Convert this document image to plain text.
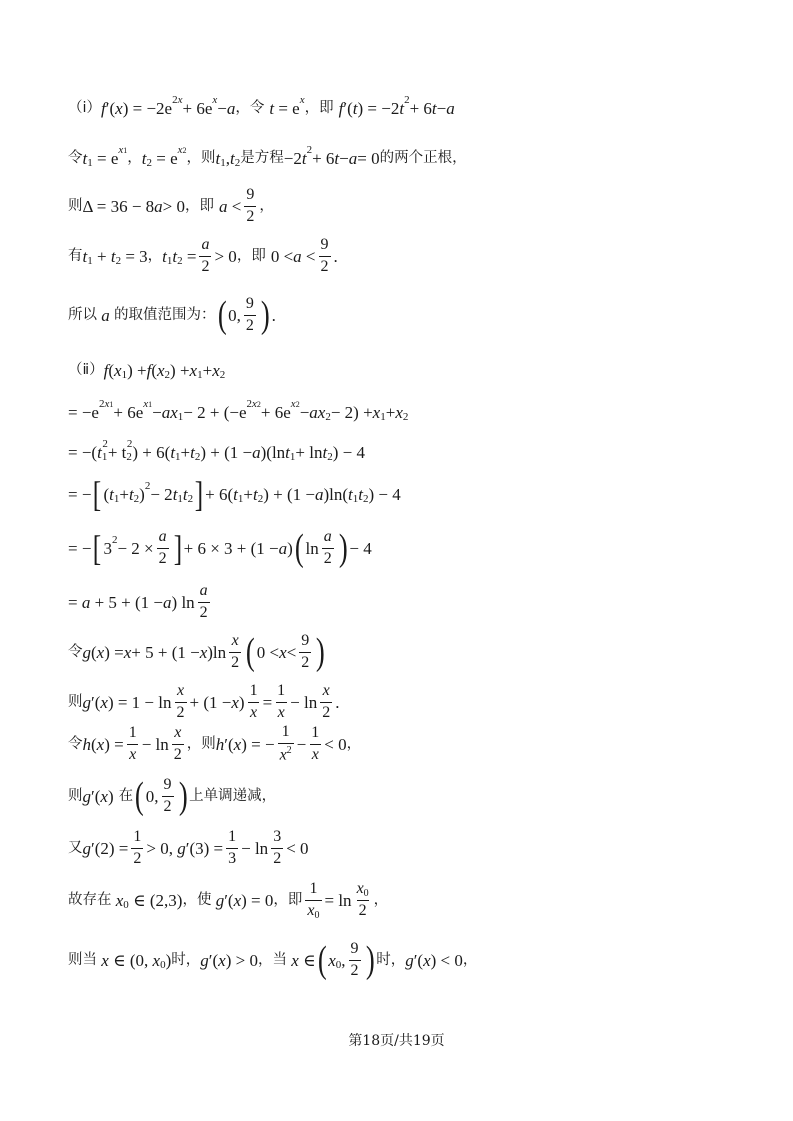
（ⅰ） f ′( x ) = −2e 2x + 6e x − a ， 令 t = e x
， 即 f ′( t ) = −2 t 2 + 6 t − a
令 t 1 = e x1 ， t 2 = e x2 ， 则 t 1 , t 2 是方程 −2 t 2 + 6 t − a = 0 的两个正根，
则 Δ = 36 − 8 a > 0 ， 即 $a < \frac{9}{2}$ ，
有 t 1 + t 2 = 3 ， t 1 t $2 = \frac{a}{2} > 0$ ， 即 $0 < a < \frac{9}{2}$ .
所以 a 的取值范围为： ( 0, $\frac{9}{2}$ ) .
（ⅱ） f ( x 1 ) + f ( x 2 ) + x 1 + x 2
= −e 2x1 + 6e x1 − ax 1 − 2 + (−e 2x2 + 6e x2 − ax 2 − 2) + x 1 + x 2
= −( t 1
2 + t 2
2 ) + 6( t 1 + t 2 ) + (1 − a )(ln t 1 + ln t 2 ) − 4
= − [ ( t 1 + t 2 ) 2 − 2 t 1 t 2 ] + 6( t 1 + t 2 ) + (1 − a )ln( t 1 t 2 ) − 4
= − [ 3 $2 - 2 \times \frac{a}{2}$ ] + 6 × 3 + (1 − a ) ( $\ln \frac{a}{2}$ ) − 4
= a + 5 + (1 − a ) $\ln \frac{a}{2}$
令 g ( x ) = x + 5 + (1 − x )$\ln \frac{x}{2}$ ( $0 < x < \frac{9}{2}$ )
则 g ′( x ) = $1 - \ln \frac{x}{2} + (1 - x$ ) $\frac{1}{x} = \frac{1}{x} - \ln \frac{x}{2}$ .
令 h ( x ) = $\frac{1}{x} - \ln \frac{x}{2}$ ， 则 h ′( x ) = − $\frac{1}{x^2} - \frac{1}{x} < 0$ ，
则 g ′( x ) 在 ( 0, $\frac{9}{2}$ ) 上单调递减，
又 g $'(2) = \frac{1}{2} > 0$, g $'(3) = \frac{1}{3} - \ln \frac{3}{2} < 0$
故存在 x 0 ∈ (2,3) ， 使 g ′( x ) = 0 ， 即 $\frac{1}{x0} = \ln \frac{x0}{2}$ ，
则当 x ∈ (0, x 0 ) 时， g ′( x ) > 0 ， 当 x ∈ ( x 0 , $\frac{9}{2}$ ) 时， g ′( x ) < 0 ，
第18页/共19页
